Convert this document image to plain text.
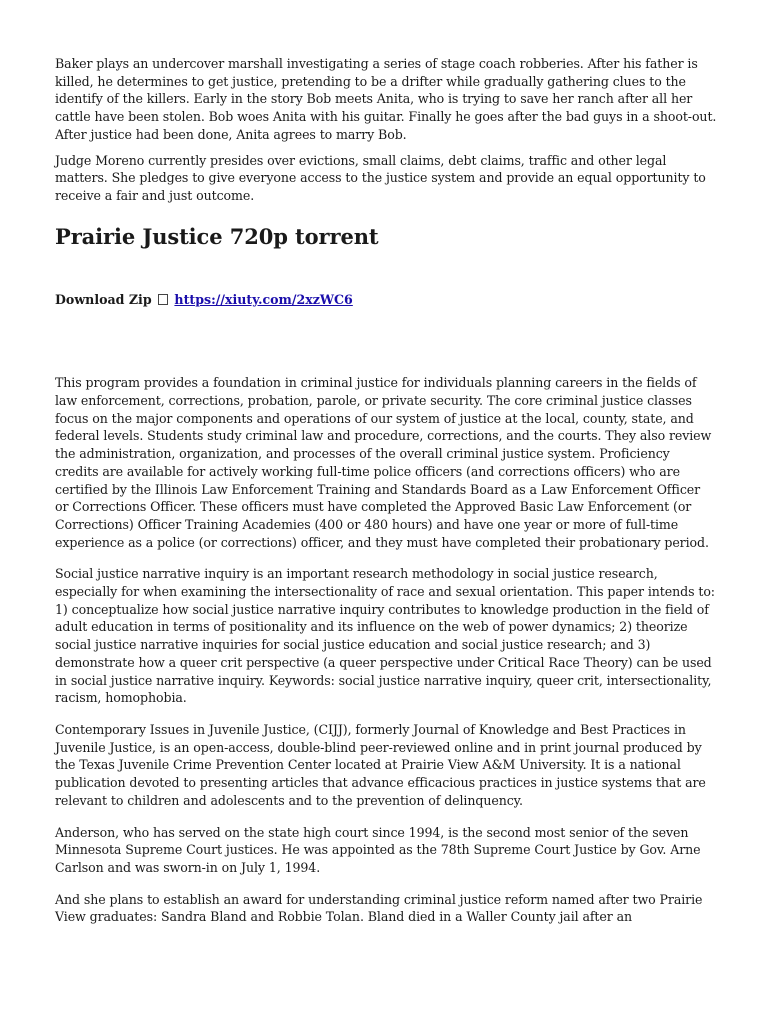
Baker plays an undercover marshall investigating a series of stage coach robberies. After his father is killed, he determines to get justice, pretending to be a drifter while gradually gathering clues to the identify of the killers. Early in the story Bob meets Anita, who is trying to save her ranch after all her cattle have been stolen. Bob woes Anita with his guitar. Finally he goes after the bad guys in a shoot-out. After justice had been done, Anita agrees to marry Bob.

Judge Moreno currently presides over evictions, small claims, debt claims, traffic and other legal matters. She pledges to give everyone access to the justice system and provide an equal opportunity to receive a fair and just outcome.

Prairie Justice 720p torrent
Download Zip https://xiuty.com/2xzWC6

This program provides a foundation in criminal justice for individuals planning careers in the fields of law enforcement, corrections, probation, parole, or private security. The core criminal justice classes focus on the major components and operations of our system of justice at the local, county, state, and federal levels. Students study criminal law and procedure, corrections, and the courts. They also review the administration, organization, and processes of the overall criminal justice system. Proficiency credits are available for actively working full-time police officers (and corrections officers) who are certified by the Illinois Law Enforcement Training and Standards Board as a Law Enforcement Officer or Corrections Officer. These officers must have completed the Approved Basic Law Enforcement (or Corrections) Officer Training Academies (400 or 480 hours) and have one year or more of full-time experience as a police (or corrections) officer, and they must have completed their probationary period.

Social justice narrative inquiry is an important research methodology in social justice research, especially for when examining the intersectionality of race and sexual orientation. This paper intends to: 1) conceptualize how social justice narrative inquiry contributes to knowledge production in the field of adult education in terms of positionality and its influence on the web of power dynamics; 2) theorize social justice narrative inquiries for social justice education and social justice research; and 3) demonstrate how a queer crit perspective (a queer perspective under Critical Race Theory) can be used in social justice narrative inquiry. Keywords: social justice narrative inquiry, queer crit, intersectionality, racism, homophobia.

Contemporary Issues in Juvenile Justice, (CIJJ), formerly Journal of Knowledge and Best Practices in Juvenile Justice, is an open-access, double-blind peer-reviewed online and in print journal produced by the Texas Juvenile Crime Prevention Center located at Prairie View A&M University. It is a national publication devoted to presenting articles that advance efficacious practices in justice systems that are relevant to children and adolescents and to the prevention of delinquency.

Anderson, who has served on the state high court since 1994, is the second most senior of the seven Minnesota Supreme Court justices. He was appointed as the 78th Supreme Court Justice by Gov. Arne Carlson and was sworn-in on July 1, 1994.

And she plans to establish an award for understanding criminal justice reform named after two Prairie View graduates: Sandra Bland and Robbie Tolan. Bland died in a Waller County jail after an
